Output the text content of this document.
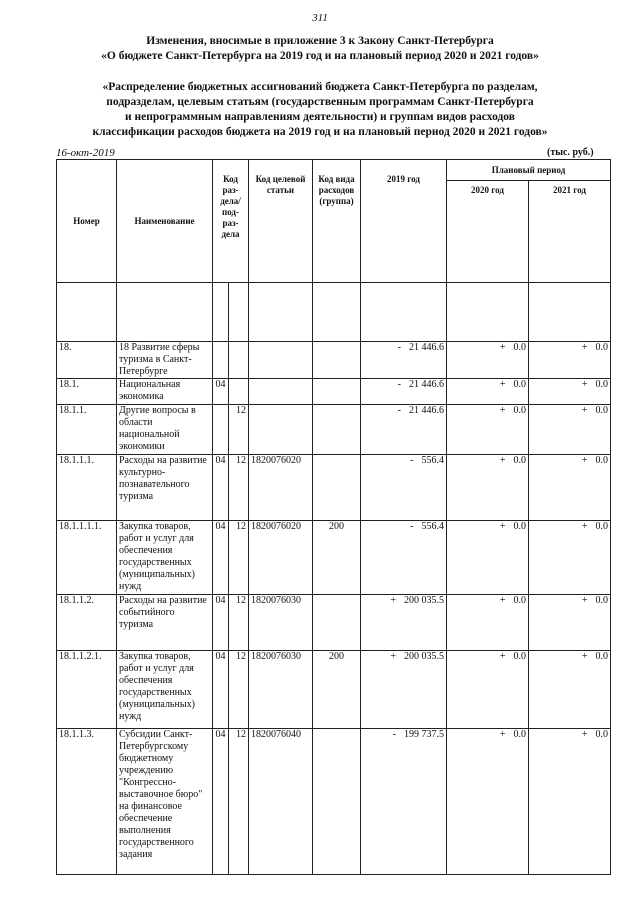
311
Изменения, вносимые в приложение 3 к Закону Санкт-Петербурга
«О бюджете Санкт-Петербурга на 2019 год и на плановый период 2020 и 2021 годов»
«Распределение бюджетных ассигнований бюджета Санкт-Петербурга по разделам,
подразделам, целевым статьям (государственным программам Санкт-Петербурга
и непрограммным направлениям деятельности) и группам видов расходов
классификации расходов бюджета на 2019 год и на плановый период 2020 и 2021 годов»
16-окт-2019	(тыс. руб.)
Номер	Наименование	Код раз- дела/ под- раз- дела		Код целевой статьи	Код вида расходов (группа)	2019 год	Плановый период	
							2020 год	2021 год

18.	18 Развитие сферы туризма в Санкт-Петербурге					- 21 446.6	+ 0.0	+ 0.0
18.1.	Национальная экономика	04				- 21 446.6	+ 0.0	+ 0.0
18.1.1.	Другие вопросы в области национальной экономики		12			- 21 446.6	+ 0.0	+ 0.0
18.1.1.1.	Расходы на развитие культурно-познавательного туризма	04	12	1820076020		- 556.4	+ 0.0	+ 0.0
18.1.1.1.1.	Закупка товаров, работ и услуг для обеспечения государственных (муниципальных) нужд	04	12	1820076020	200	- 556.4	+ 0.0	+ 0.0
18.1.1.2.	Расходы на развитие событийного туризма	04	12	1820076030		+ 200 035.5	+ 0.0	+ 0.0
18.1.1.2.1.	Закупка товаров, работ и услуг для обеспечения государственных (муниципальных) нужд	04	12	1820076030	200	+ 200 035.5	+ 0.0	+ 0.0
18.1.1.3.	Субсидии Санкт-Петербургскому бюджетному учреждению "Конгрессно-выставочное бюро" на финансовое обеспечение выполнения государственного задания	04	12	1820076040		- 199 737.5	+ 0.0	+ 0.0
